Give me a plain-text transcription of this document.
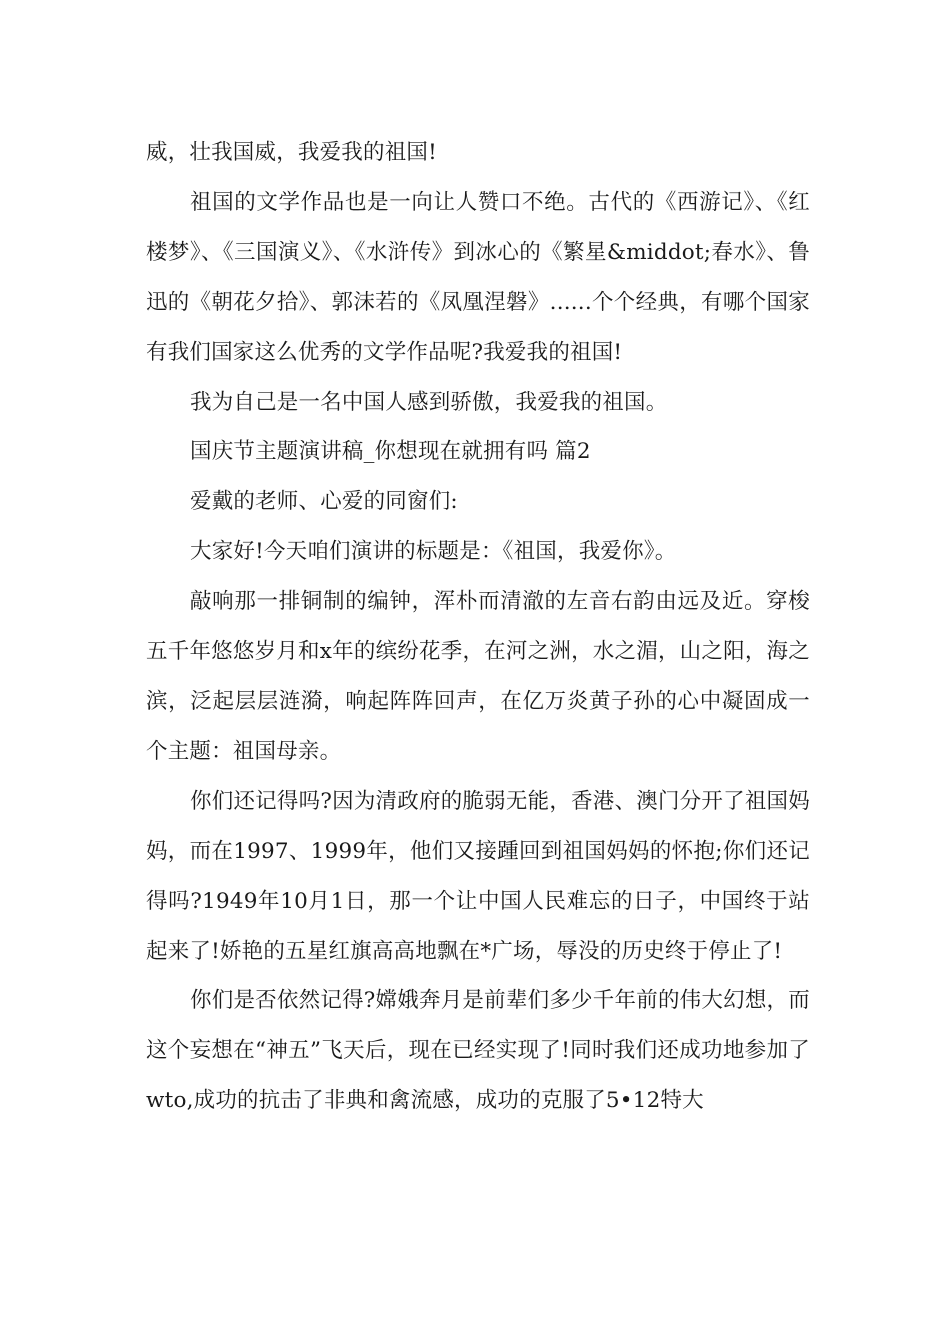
威，壮我国威，我爱我的祖国!

祖国的文学作品也是一向让人赞口不绝。古代的《西游记》、《红楼梦》、《三国演义》、《水浒传》到冰心的《繁星&middot;春水》、鲁迅的《朝花夕拾》、郭沫若的《凤凰涅磐》......个个经典，有哪个国家有我们国家这么优秀的文学作品呢?我爱我的祖国!

我为自己是一名中国人感到骄傲，我爱我的祖国。

国庆节主题演讲稿_你想现在就拥有吗 篇2

爱戴的老师、心爱的同窗们:

大家好!今天咱们演讲的标题是：《祖国，我爱你》。

敲响那一排铜制的编钟，浑朴而清澈的左音右韵由远及近。穿梭五千年悠悠岁月和x年的缤纷花季，在河之洲，水之湄，山之阳，海之滨，泛起层层涟漪，响起阵阵回声，在亿万炎黄子孙的心中凝固成一个主题：祖国母亲。

你们还记得吗?因为清政府的脆弱无能，香港、澳门分开了祖国妈妈，而在1997、1999年，他们又接踵回到祖国妈妈的怀抱;你们还记得吗?1949年10月1日，那一个让中国人民难忘的日子，中国终于站起来了!娇艳的五星红旗高高地飘在*广场，辱没的历史终于停止了!

你们是否依然记得?嫦娥奔月是前辈们多少千年前的伟大幻想，而这个妄想在“神五”飞天后，现在已经实现了!同时我们还成功地参加了wto,成功的抗击了非典和禽流感，成功的克服了5•12特大
